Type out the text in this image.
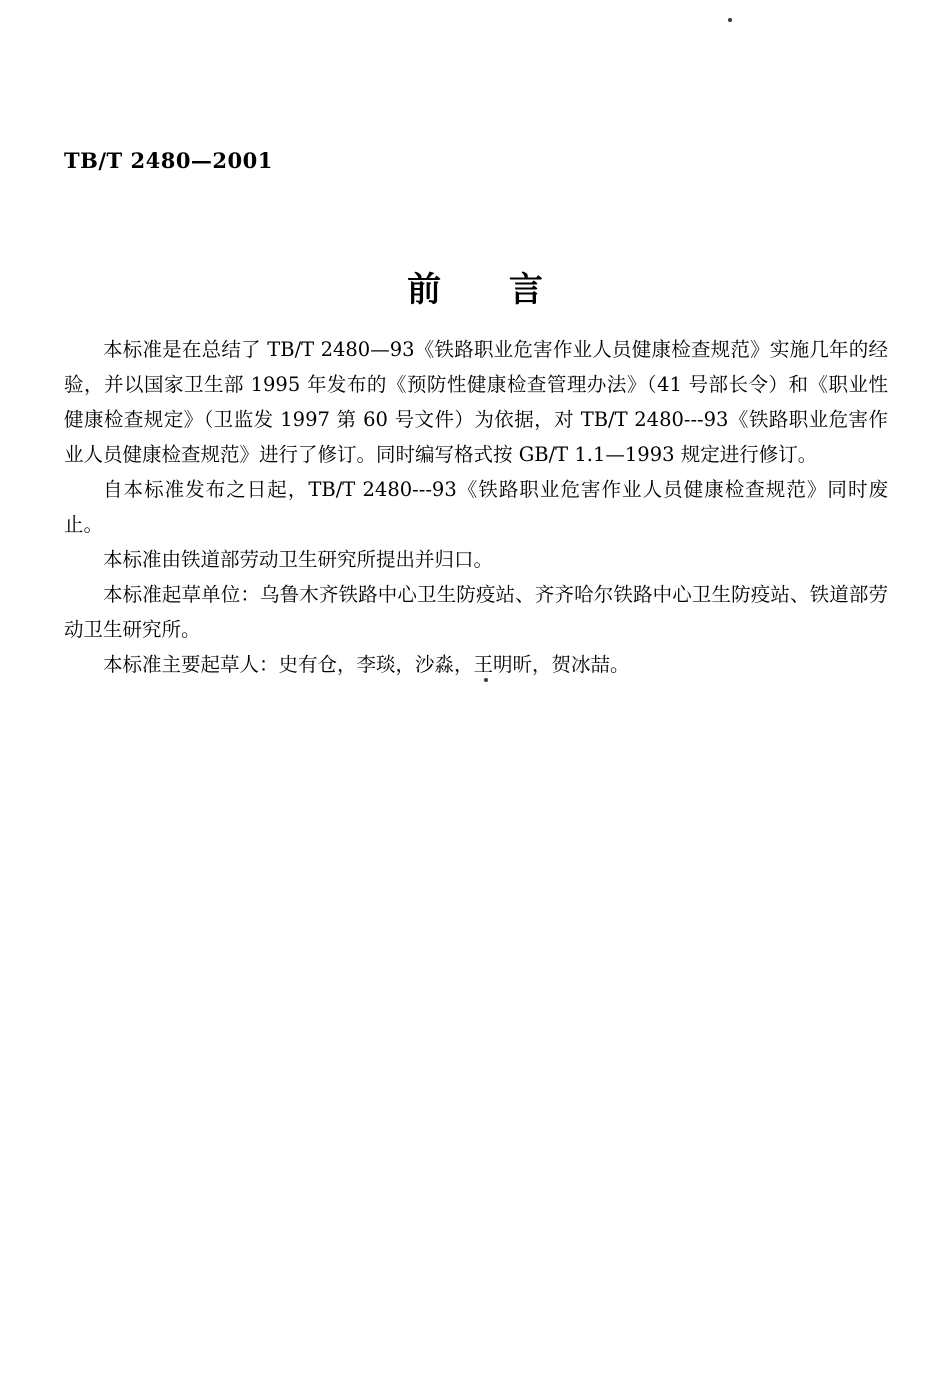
TB/T 2480—2001
前 言

本标准是在总结了 TB/T 2480—93《铁路职业危害作业人员健康检查规范》实施几年的经验，并以国家卫生部 1995 年发布的《预防性健康检查管理办法》（41 号部长令）和《职业性健康检查规定》（卫监发 1997 第 60 号文件）为依据，对 TB/T 2480---93《铁路职业危害作业人员健康检查规范》进行了修订。同时编写格式按 GB/T 1.1—1993 规定进行修订。

自本标准发布之日起，TB/T 2480---93《铁路职业危害作业人员健康检查规范》同时废止。

本标准由铁道部劳动卫生研究所提出并归口。

本标准起草单位：乌鲁木齐铁路中心卫生防疫站、齐齐哈尔铁路中心卫生防疫站、铁道部劳动卫生研究所。

本标准主要起草人：史有仓，李琰，沙淼，王明昕，贺冰喆。
